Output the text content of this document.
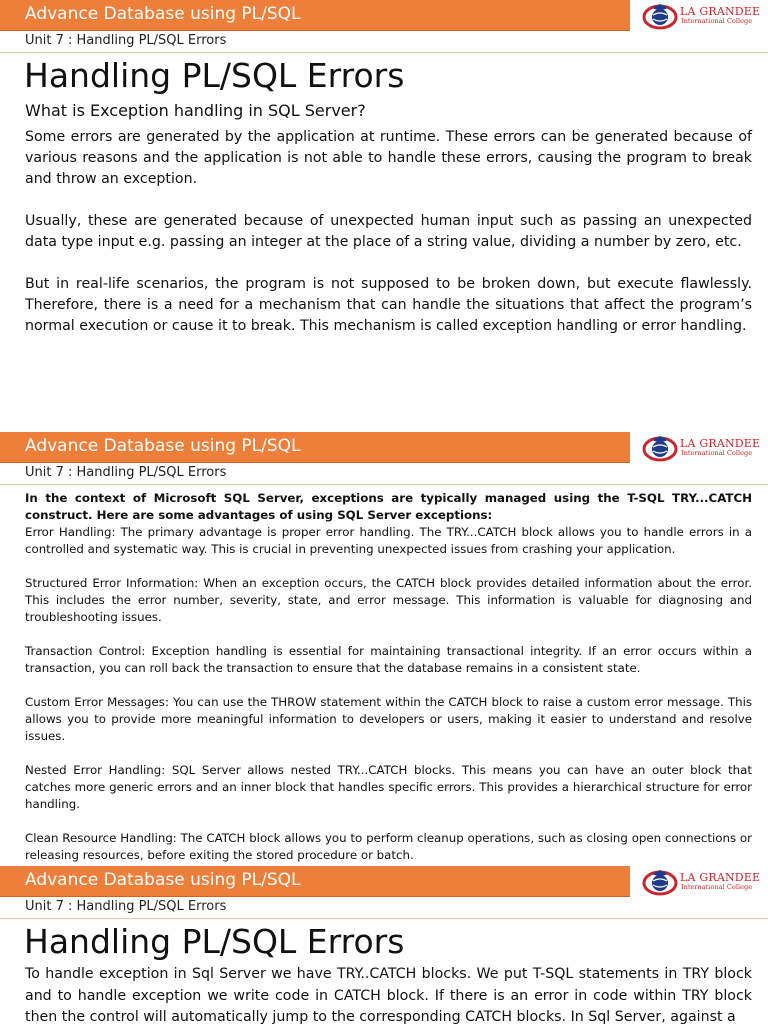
Advance Database using PL/SQL	LA GRANDEE
International College
Unit 7 : Handling PL/SQL Errors
Handling PL/SQL Errors
What is Exception handling in SQL Server?

Some errors are generated by the application at runtime. These errors can be generated because of various reasons and the application is not able to handle these errors, causing the program to break and throw an exception.

Usually, these are generated because of unexpected human input such as passing an unexpected data type input e.g. passing an integer at the place of a string value, dividing a number by zero, etc.

But in real-life scenarios, the program is not supposed to be broken down, but execute flawlessly. Therefore, there is a need for a mechanism that can handle the situations that affect the program’s normal execution or cause it to break. This mechanism is called exception handling or error handling.

Advance Database using PL/SQL	LA GRANDEE
International College
Unit 7 : Handling PL/SQL Errors

In the context of Microsoft SQL Server, exceptions are typically managed using the T-SQL TRY...CATCH construct. Here are some advantages of using SQL Server exceptions:

Error Handling: The primary advantage is proper error handling. The TRY...CATCH block allows you to handle errors in a controlled and systematic way. This is crucial in preventing unexpected issues from crashing your application.

Structured Error Information: When an exception occurs, the CATCH block provides detailed information about the error. This includes the error number, severity, state, and error message. This information is valuable for diagnosing and troubleshooting issues.

Transaction Control: Exception handling is essential for maintaining transactional integrity. If an error occurs within a transaction, you can roll back the transaction to ensure that the database remains in a consistent state.

Custom Error Messages: You can use the THROW statement within the CATCH block to raise a custom error message. This allows you to provide more meaningful information to developers or users, making it easier to understand and resolve issues.

Nested Error Handling: SQL Server allows nested TRY...CATCH blocks. This means you can have an outer block that catches more generic errors and an inner block that handles specific errors. This provides a hierarchical structure for error handling.

Clean Resource Handling: The CATCH block allows you to perform cleanup operations, such as closing open connections or releasing resources, before exiting the stored procedure or batch.

Advance Database using PL/SQL	LA GRANDEE
International College
Unit 7 : Handling PL/SQL Errors
Handling PL/SQL Errors

To handle exception in Sql Server we have TRY..CATCH blocks. We put T-SQL statements in TRY block and to handle exception we write code in CATCH block. If there is an error in code within TRY block then the control will automatically jump to the corresponding CATCH blocks. In Sql Server, against a
